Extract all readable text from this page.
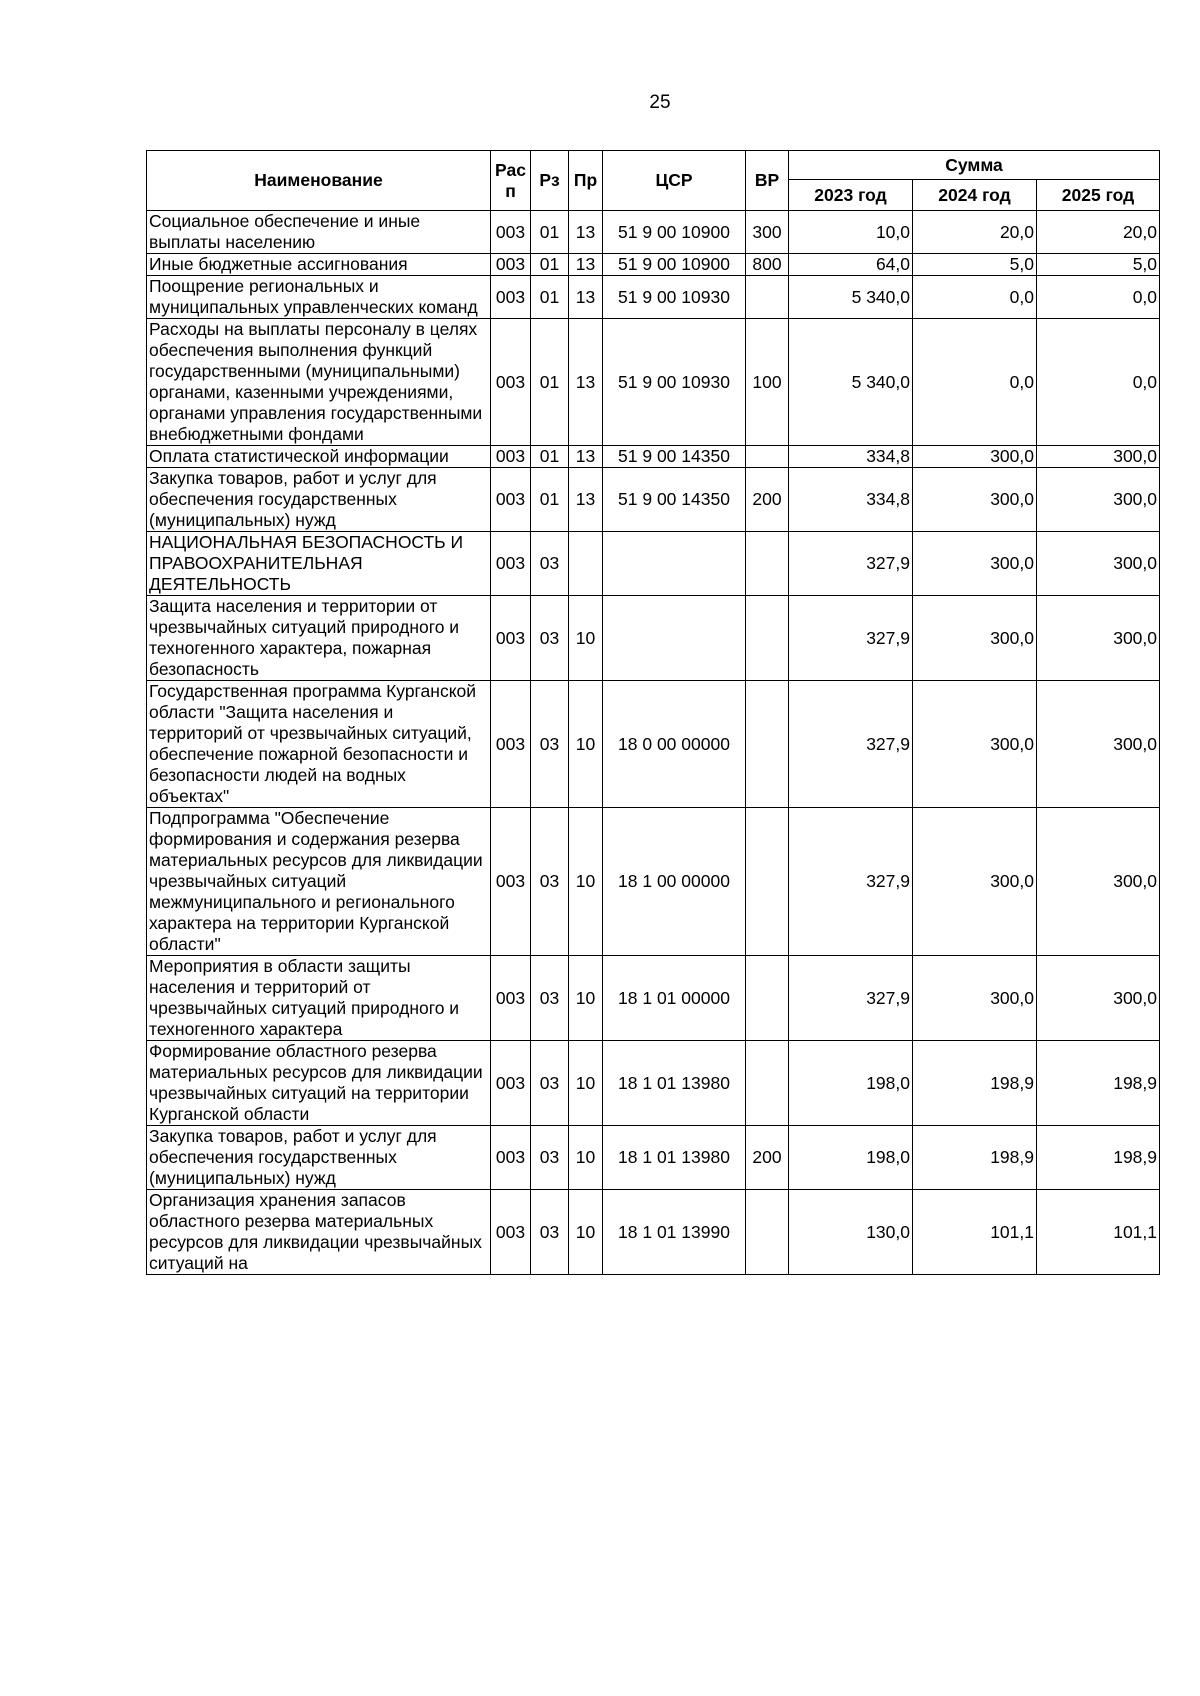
25
Наименование	Рас п	Рз	Пр	ЦСР	ВР	Сумма		
						2023 год	2024 год	2025 год
Социальное обеспечение и иные выплаты населению	003	01	13	51 9 00 10900	300	10,0	20,0	20,0
Иные бюджетные ассигнования	003	01	13	51 9 00 10900	800	64,0	5,0	5,0
Поощрение региональных и муниципальных управленческих команд	003	01	13	51 9 00 10930		5 340,0	0,0	0,0
Расходы на выплаты персоналу в целях обеспечения выполнения функций государственными (муниципальными) органами, казенными учреждениями, органами управления государственными внебюджетными фондами	003	01	13	51 9 00 10930	100	5 340,0	0,0	0,0
Оплата статистической информации	003	01	13	51 9 00 14350		334,8	300,0	300,0
Закупка товаров, работ и услуг для обеспечения государственных (муниципальных) нужд	003	01	13	51 9 00 14350	200	334,8	300,0	300,0
НАЦИОНАЛЬНАЯ БЕЗОПАСНОСТЬ И ПРАВООХРАНИТЕЛЬНАЯ ДЕЯТЕЛЬНОСТЬ	003	03				327,9	300,0	300,0
Защита населения и территории от чрезвычайных ситуаций природного и техногенного характера, пожарная безопасность	003	03	10			327,9	300,0	300,0
Государственная программа Курганской области "Защита населения и территорий от чрезвычайных ситуаций, обеспечение пожарной безопасности и безопасности людей на водных объектах"	003	03	10	18 0 00 00000		327,9	300,0	300,0
Подпрограмма "Обеспечение формирования и содержания резерва материальных ресурсов для ликвидации чрезвычайных ситуаций межмуниципального и регионального характера на территории Курганской области"	003	03	10	18 1 00 00000		327,9	300,0	300,0
Мероприятия в области защиты населения и территорий от чрезвычайных ситуаций природного и техногенного характера	003	03	10	18 1 01 00000		327,9	300,0	300,0
Формирование областного резерва материальных ресурсов для ликвидации чрезвычайных ситуаций на территории Курганской области	003	03	10	18 1 01 13980		198,0	198,9	198,9
Закупка товаров, работ и услуг для обеспечения государственных (муниципальных) нужд	003	03	10	18 1 01 13980	200	198,0	198,9	198,9
Организация хранения запасов областного резерва материальных ресурсов для ликвидации чрезвычайных ситуаций на	003	03	10	18 1 01 13990		130,0	101,1	101,1
